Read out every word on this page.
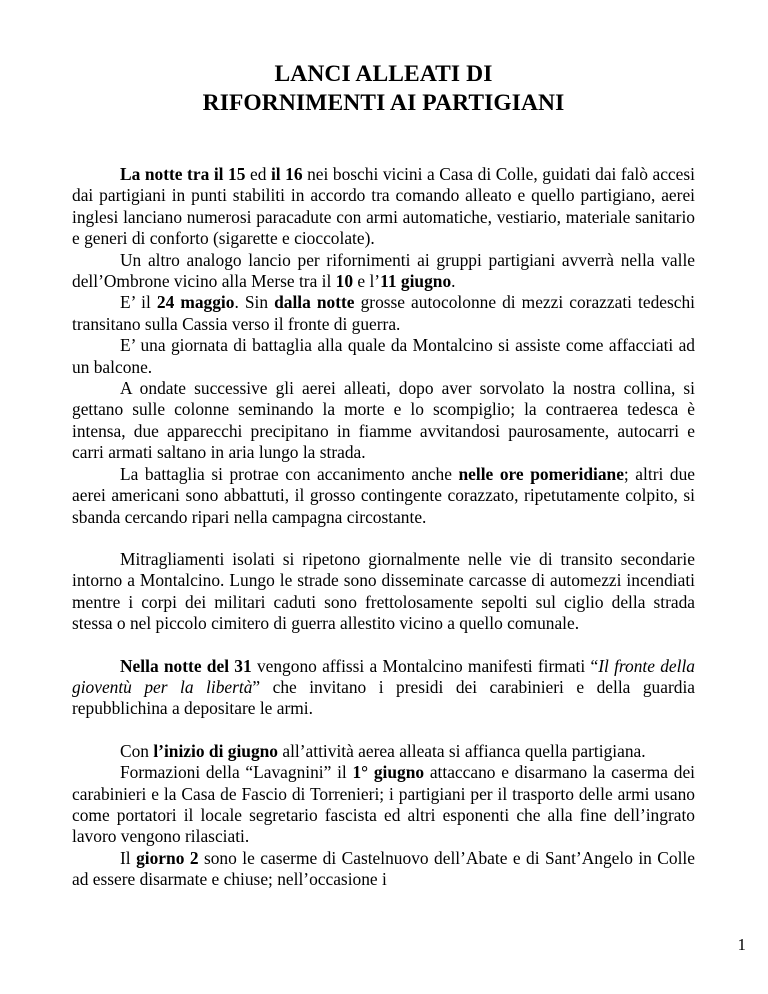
LANCI ALLEATI DI
RIFORNIMENTI AI PARTIGIANI

La notte tra il 15 ed il 16 nei boschi vicini a Casa di Colle, guidati dai falò accesi dai partigiani in punti stabiliti in accordo tra comando alleato e quello partigiano, aerei inglesi lanciano numerosi paracadute con armi automatiche, vestiario, materiale sanitario e generi di conforto (sigarette e cioccolate).

Un altro analogo lancio per rifornimenti ai gruppi partigiani avverrà nella valle dell’Ombrone vicino alla Merse tra il 10 e l’11 giugno.

E’ il 24 maggio. Sin dalla notte grosse autocolonne di mezzi corazzati tedeschi transitano sulla Cassia verso il fronte di guerra.

E’ una giornata di battaglia alla quale da Montalcino si assiste come affacciati ad un balcone.

A ondate successive gli aerei alleati, dopo aver sorvolato la nostra collina, si gettano sulle colonne seminando la morte e lo scompiglio; la contraerea tedesca è intensa, due apparecchi precipitano in fiamme avvitandosi paurosamente, autocarri e carri armati saltano in aria lungo la strada.

La battaglia si protrae con accanimento anche nelle ore pomeridiane; altri due aerei americani sono abbattuti, il grosso contingente corazzato, ripetutamente colpito, si sbanda cercando ripari nella campagna circostante.

Mitragliamenti isolati si ripetono giornalmente nelle vie di transito secondarie intorno a Montalcino. Lungo le strade sono disseminate carcasse di automezzi incendiati mentre i corpi dei militari caduti sono frettolosamente sepolti sul ciglio della strada stessa o nel piccolo cimitero di guerra allestito vicino a quello comunale.

Nella notte del 31 vengono affissi a Montalcino manifesti firmati “Il fronte della gioventù per la libertà” che invitano i presidi dei carabinieri e della guardia repubblichina a depositare le armi.

Con l’inizio di giugno all’attività aerea alleata si affianca quella partigiana.

Formazioni della “Lavagnini” il 1° giugno attaccano e disarmano la caserma dei carabinieri e la Casa de Fascio di Torrenieri; i partigiani per il trasporto delle armi usano come portatori il locale segretario fascista ed altri esponenti che alla fine dell’ingrato lavoro vengono rilasciati.

Il giorno 2 sono le caserme di Castelnuovo dell’Abate e di Sant’Angelo in Colle ad essere disarmate e chiuse; nell’occasione i

1
